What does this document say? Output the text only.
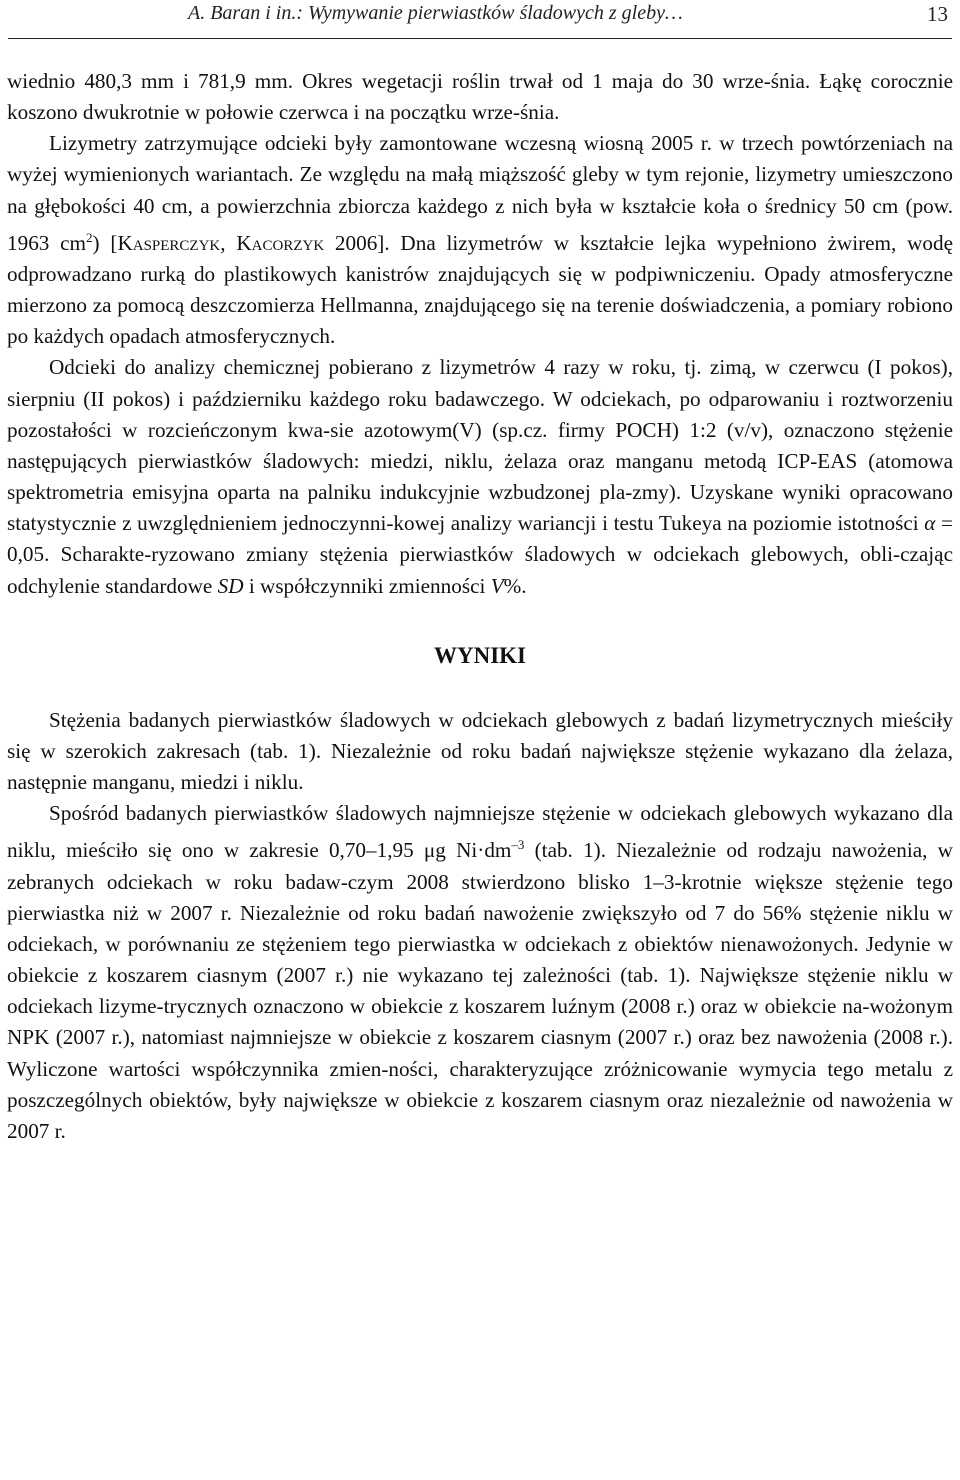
A. Baran i in.: Wymywanie pierwiastków śladowych z gleby…	13

wiednio 480,3 mm i 781,9 mm. Okres wegetacji roślin trwał od 1 maja do 30 wrze-śnia. Łąkę corocznie koszono dwukrotnie w połowie czerwca i na początku wrze-śnia.

Lizymetry zatrzymujące odcieki były zamontowane wczesną wiosną 2005 r. w trzech powtórzeniach na wyżej wymienionych wariantach. Ze względu na małą miąższość gleby w tym rejonie, lizymetry umieszczono na głębokości 40 cm, a powierzchnia zbiorcza każdego z nich była w kształcie koła o średnicy 50 cm (pow. 1963 $cm^2$) [Kasperczyk, Kacorzyk 2006]. Dna lizymetrów w kształcie lejka wypełniono żwirem, wodę odprowadzano rurką do plastikowych kanistrów znajdujących się w podpiwniczeniu. Opady atmosferyczne mierzono za pomocą deszczomierza Hellmanna, znajdującego się na terenie doświadczenia, a pomiary robiono po każdych opadach atmosferycznych.

Odcieki do analizy chemicznej pobierano z lizymetrów 4 razy w roku, tj. zimą, w czerwcu (I pokos), sierpniu (II pokos) i październiku każdego roku badawczego. W odciekach, po odparowaniu i roztworzeniu pozostałości w rozcieńczonym kwa-sie azotowym(V) (sp.cz. firmy POCH) 1:2 (v/v), oznaczono stężenie następujących pierwiastków śladowych: miedzi, niklu, żelaza oraz manganu metodą ICP-EAS (atomowa spektrometria emisyjna oparta na palniku indukcyjnie wzbudzonej pla-zmy). Uzyskane wyniki opracowano statystycznie z uwzględnieniem jednoczynni-kowej analizy wariancji i testu Tukeya na poziomie istotności α = 0,05. Scharakte-ryzowano zmiany stężenia pierwiastków śladowych w odciekach glebowych, obli-czając odchylenie standardowe SD i współczynniki zmienności V%.

WYNIKI

Stężenia badanych pierwiastków śladowych w odciekach glebowych z badań lizymetrycznych mieściły się w szerokich zakresach (tab. 1). Niezależnie od roku badań największe stężenie wykazano dla żelaza, następnie manganu, miedzi i niklu.

Spośród badanych pierwiastków śladowych najmniejsze stężenie w odciekach glebowych wykazano dla niklu, mieściło się ono w zakresie 0,70–1,95 μg $Ni\cdot dm^{-3}$ (tab. 1). Niezależnie od rodzaju nawożenia, w zebranych odciekach w roku badaw-czym 2008 stwierdzono blisko 1–3-krotnie większe stężenie tego pierwiastka niż w 2007 r. Niezależnie od roku badań nawożenie zwiększyło od 7 do 56% stężenie niklu w odciekach, w porównaniu ze stężeniem tego pierwiastka w odciekach z obiektów nienawożonych. Jedynie w obiekcie z koszarem ciasnym (2007 r.) nie wykazano tej zależności (tab. 1). Największe stężenie niklu w odciekach lizyme-trycznych oznaczono w obiekcie z koszarem luźnym (2008 r.) oraz w obiekcie na-wożonym NPK (2007 r.), natomiast najmniejsze w obiekcie z koszarem ciasnym (2007 r.) oraz bez nawożenia (2008 r.). Wyliczone wartości współczynnika zmien-ności, charakteryzujące zróżnicowanie wymycia tego metalu z poszczególnych obiektów, były największe w obiekcie z koszarem ciasnym oraz niezależnie od nawożenia w 2007 r.
